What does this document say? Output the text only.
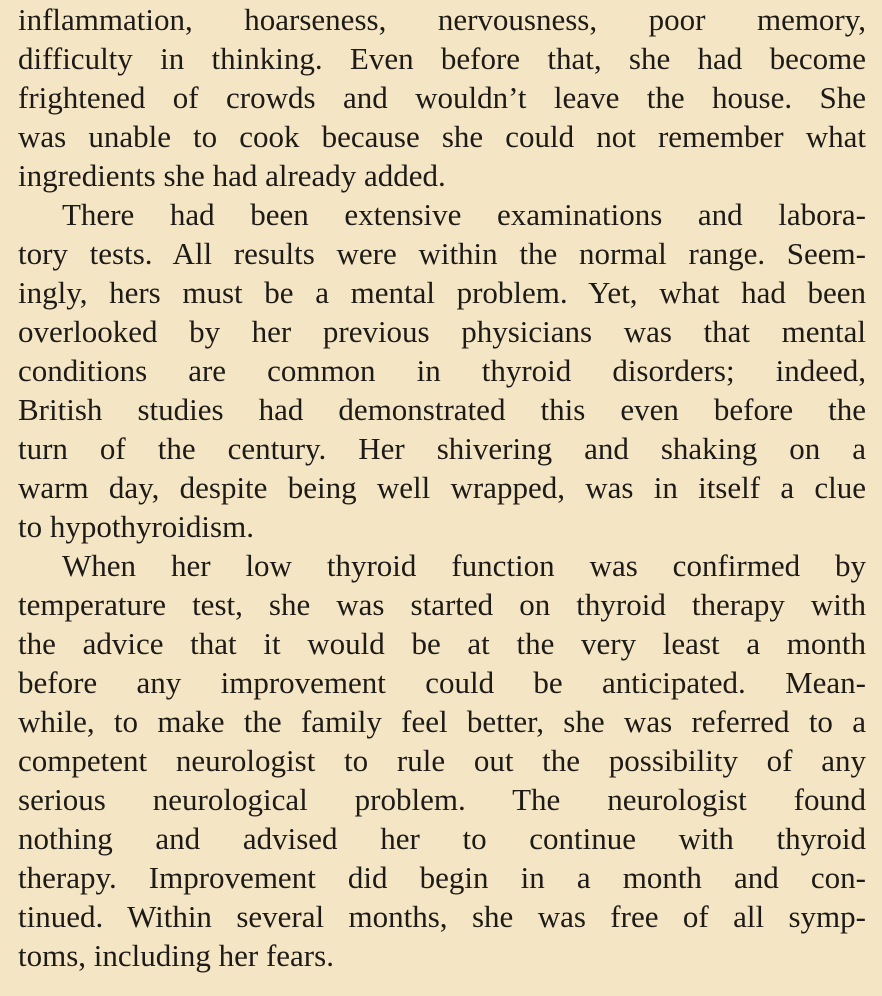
inflammation, hoarseness, nervousness, poor memory,
difficulty in thinking. Even before that, she had become
frightened of crowds and wouldn’t leave the house. She
was unable to cook because she could not remember what
ingredients she had already added.
There had been extensive examinations and labora-
tory tests. All results were within the normal range. Seem-
ingly, hers must be a mental problem. Yet, what had been
overlooked by her previous physicians was that mental
conditions are common in thyroid disorders; indeed,
British studies had demonstrated this even before the
turn of the century. Her shivering and shaking on a
warm day, despite being well wrapped, was in itself a clue
to hypothyroidism.
When her low thyroid function was confirmed by
temperature test, she was started on thyroid therapy with
the advice that it would be at the very least a month
before any improvement could be anticipated. Mean-
while, to make the family feel better, she was referred to a
competent neurologist to rule out the possibility of any
serious neurological problem. The neurologist found
nothing and advised her to continue with thyroid
therapy. Improvement did begin in a month and con-
tinued. Within several months, she was free of all symp-
toms, including her fears.
